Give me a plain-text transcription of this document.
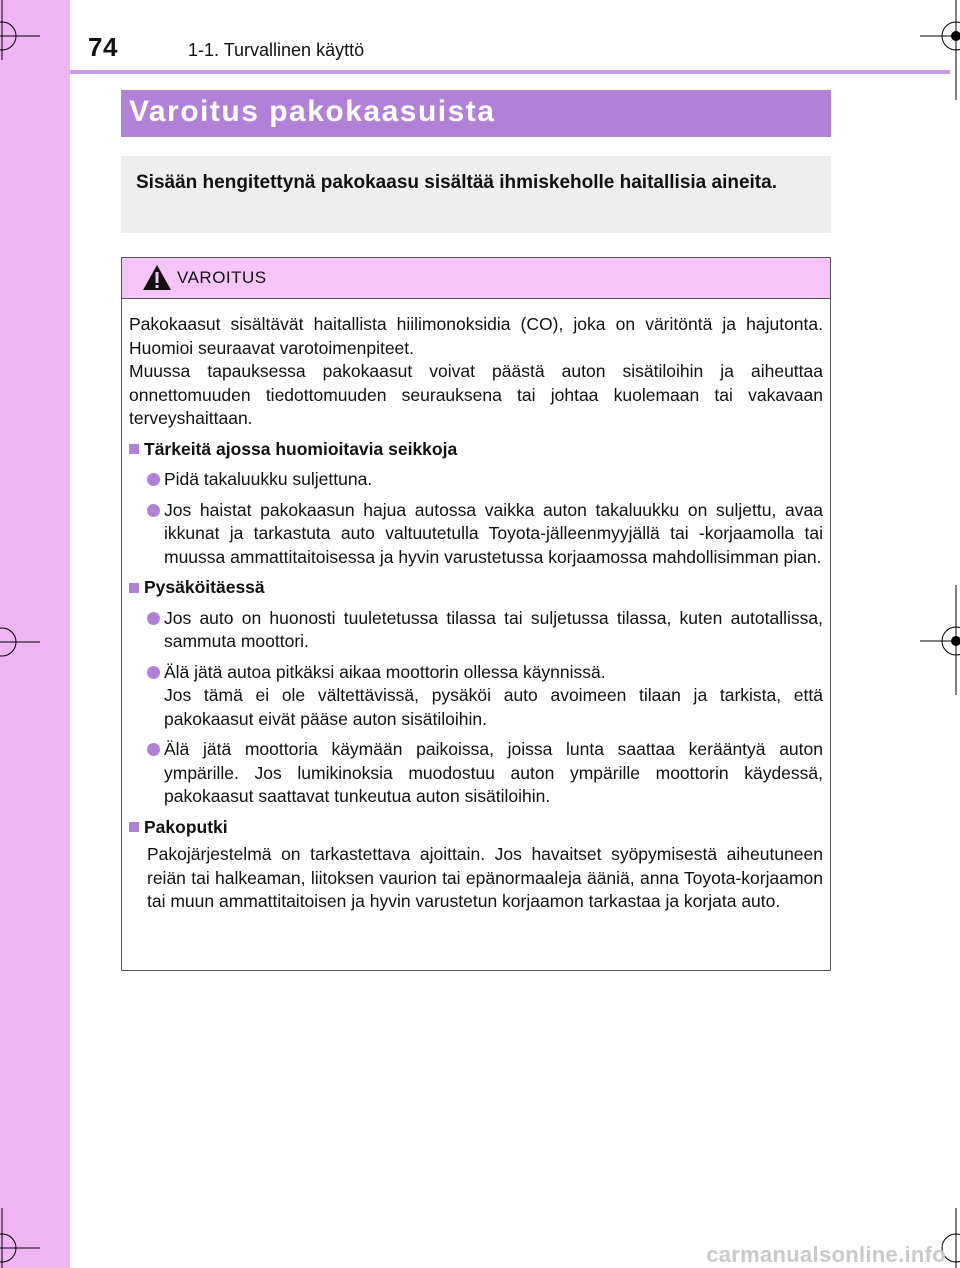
74	1-1. Turvallinen käyttö
Varoitus pakokaasuista
Sisään hengitettynä pakokaasu sisältää ihmiskeholle haitallisia aineita.
VAROITUS

Pakokaasut sisältävät haitallista hiilimonoksidia (CO), joka on väritöntä ja hajutonta. Huomioi seuraavat varotoimenpiteet.

Muussa tapauksessa pakokaasut voivat päästä auton sisätiloihin ja aiheuttaa onnettomuuden tiedottomuuden seurauksena tai johtaa kuolemaan tai vakavaan terveyshaittaan.

Tärkeitä ajossa huomioitavia seikkoja
Pidä takaluukku suljettuna.
Jos haistat pakokaasun hajua autossa vaikka auton takaluukku on suljettu, avaa ikkunat ja tarkastuta auto valtuutetulla Toyota-jälleenmyyjällä tai -korjaamolla tai muussa ammattitaitoisessa ja hyvin varustetussa korjaamossa mahdollisimman pian.
Pysäköitäessä
Jos auto on huonosti tuuletetussa tilassa tai suljetussa tilassa, kuten autotallissa, sammuta moottori.
Älä jätä autoa pitkäksi aikaa moottorin ollessa käynnissä.
Jos tämä ei ole vältettävissä, pysäköi auto avoimeen tilaan ja tarkista, että pakokaasut eivät pääse auton sisätiloihin.
Älä jätä moottoria käymään paikoissa, joissa lunta saattaa kerääntyä auton ympärille. Jos lumikinoksia muodostuu auton ympärille moottorin käydessä, pakokaasut saattavat tunkeutua auton sisätiloihin.
Pakoputki

Pakojärjestelmä on tarkastettava ajoittain. Jos havaitset syöpymisestä aiheutuneen reiän tai halkeaman, liitoksen vaurion tai epänormaaleja ääniä, anna Toyota-korjaamon tai muun ammattitaitoisen ja hyvin varustetun korjaamon tarkastaa ja korjata auto.

carmanualsonline.info
